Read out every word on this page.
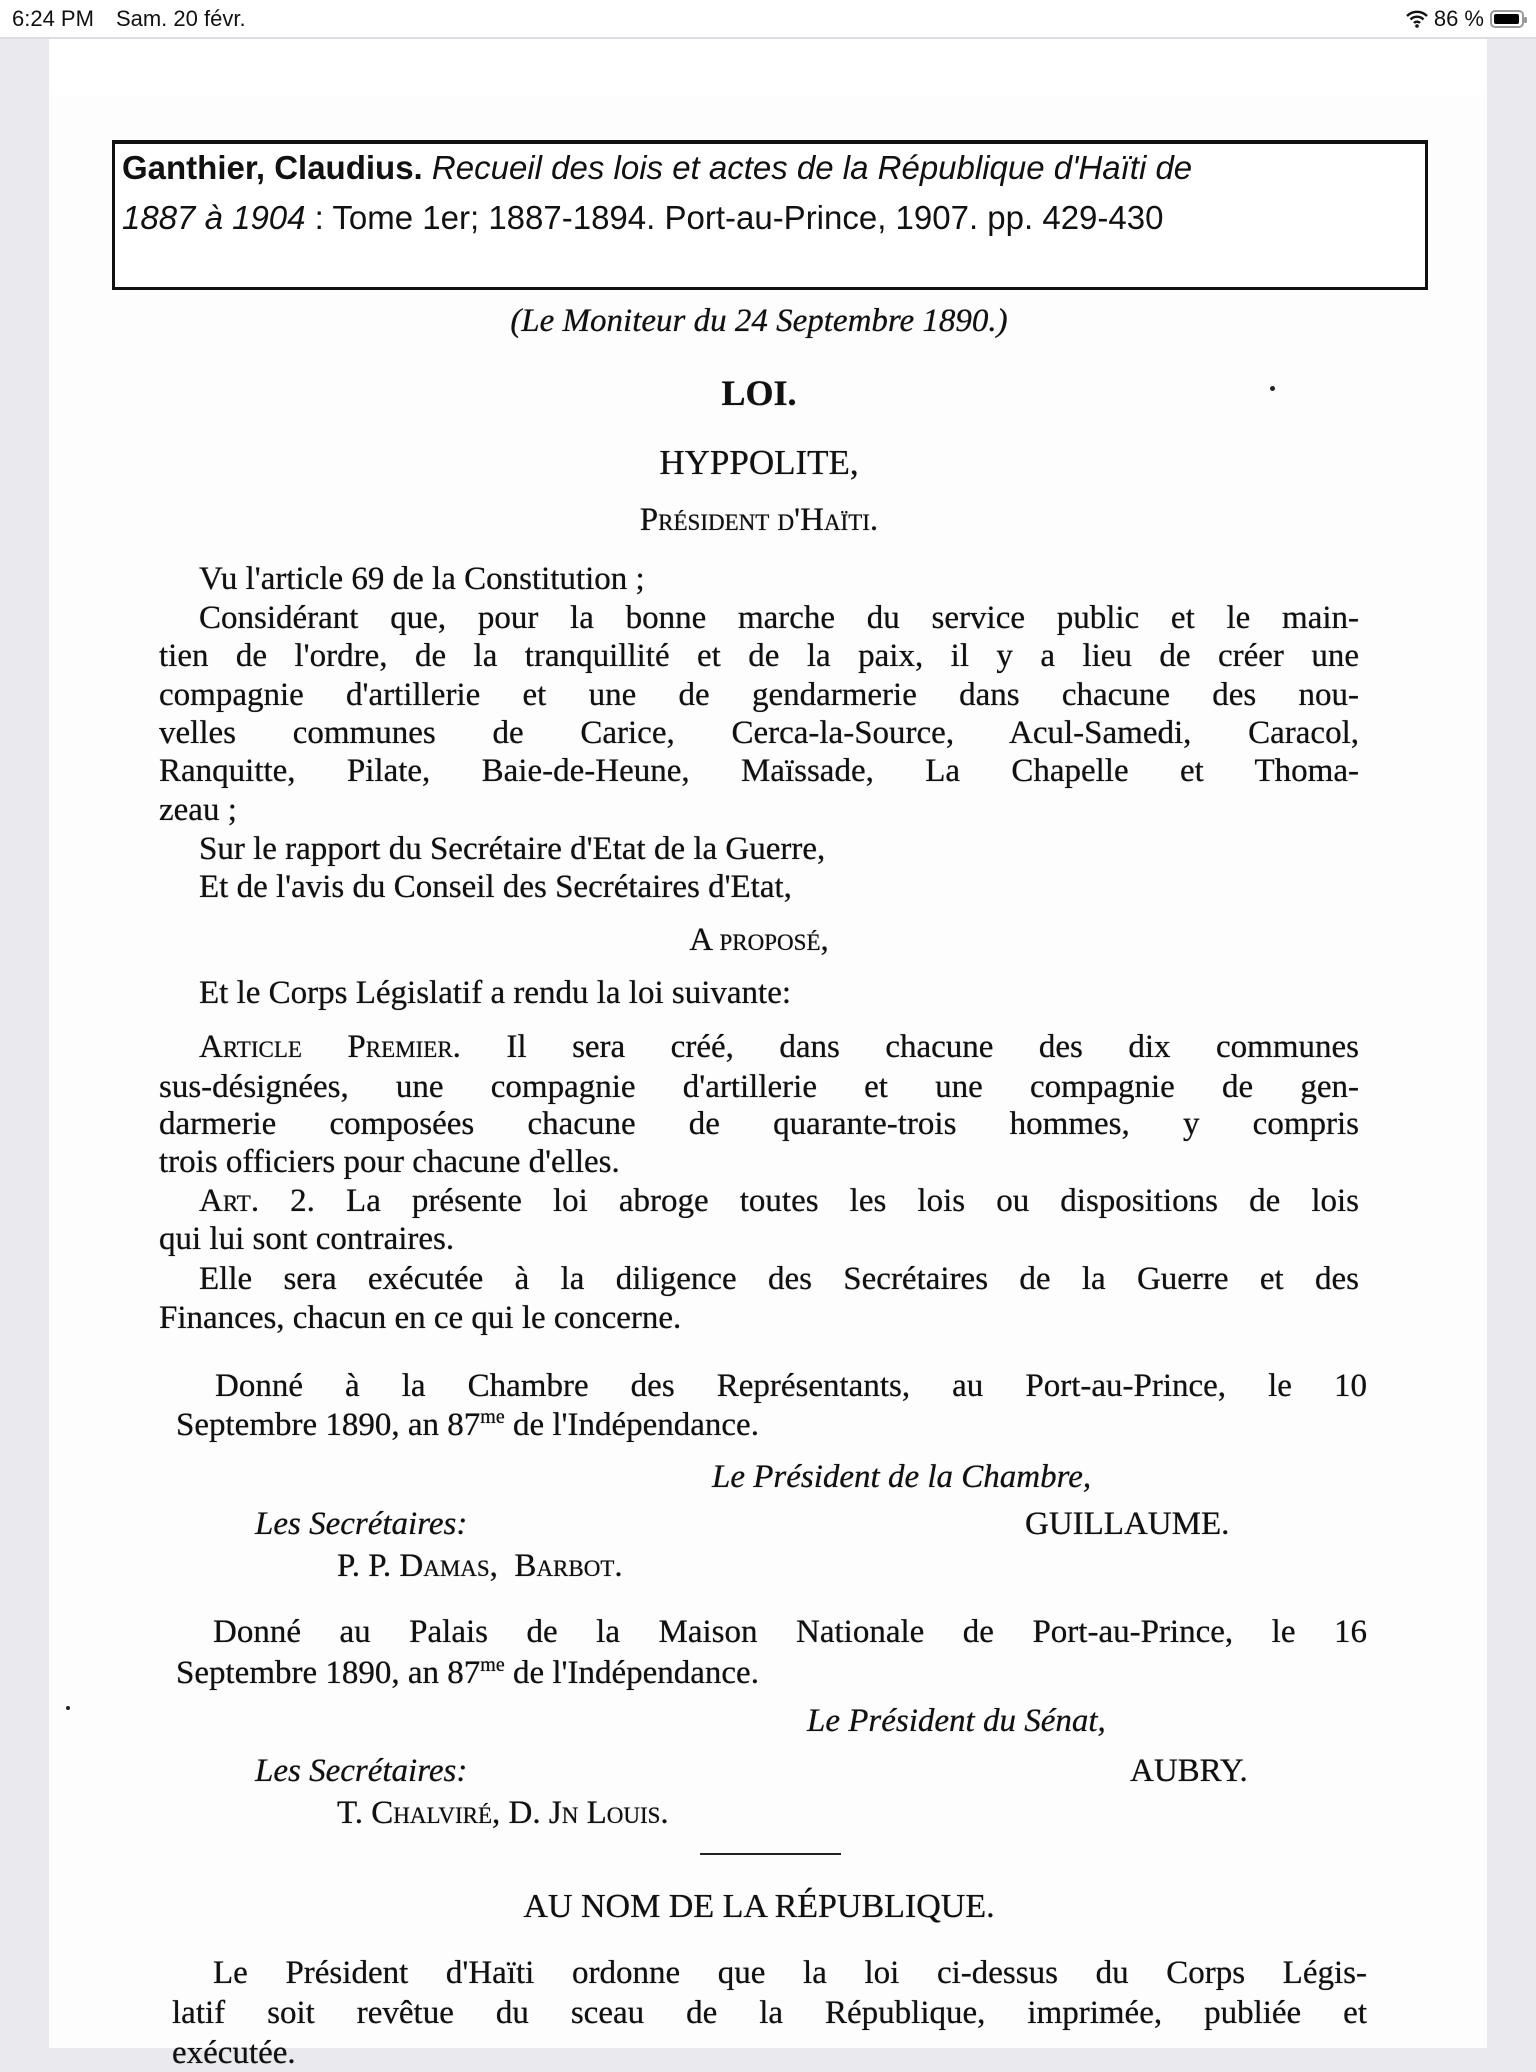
6:24 PM Sam. 20 févr.	86 %
Ganthier, Claudius. Recueil des lois et actes de la République d'Haïti de
1887 à 1904 : Tome 1er; 1887-1894. Port-au-Prince, 1907. pp. 429-430
(Le Moniteur du 24 Septembre 1890.)
LOI.
HYPPOLITE,
Président d'Haïti.
Vu l'article 69 de la Constitution ;
Considérant que, pour la bonne marche du service public et le main-
tien de l'ordre, de la tranquillité et de la paix, il y a lieu de créer une
compagnie d'artillerie et une de gendarmerie dans chacune des nou-
velles communes de Carice, Cerca-la-Source, Acul-Samedi, Caracol,
Ranquitte, Pilate, Baie-de-Heune, Maïssade, La Chapelle et Thoma-
zeau ;
Sur le rapport du Secrétaire d'Etat de la Guerre,
Et de l'avis du Conseil des Secrétaires d'Etat,
A proposé,
Et le Corps Législatif a rendu la loi suivante:
Article Premier. Il sera créé, dans chacune des dix communes
sus-désignées, une compagnie d'artillerie et une compagnie de gen-
darmerie composées chacune de quarante-trois hommes, y compris
trois officiers pour chacune d'elles.
Art. 2. La présente loi abroge toutes les lois ou dispositions de lois
qui lui sont contraires.
Elle sera exécutée à la diligence des Secrétaires de la Guerre et des
Finances, chacun en ce qui le concerne.
Donné à la Chambre des Représentants, au Port-au-Prince, le 10
Septembre 1890, an $87^{me}$ de l'Indépendance.
Le Président de la Chambre,
Les Secrétaires:	GUILLAUME.
P. P. Damas,  Barbot.
Donné au Palais de la Maison Nationale de Port-au-Prince, le 16
Septembre 1890, an $87^{me}$ de l'Indépendance.
Le Président du Sénat,
Les Secrétaires:	AUBRY.
T. Chalviré, D. Jn Louis.
AU NOM DE LA RÉPUBLIQUE.
Le Président d'Haïti ordonne que la loi ci-dessus du Corps Légis-
latif soit revêtue du sceau de la République, imprimée, publiée et
exécutée.
